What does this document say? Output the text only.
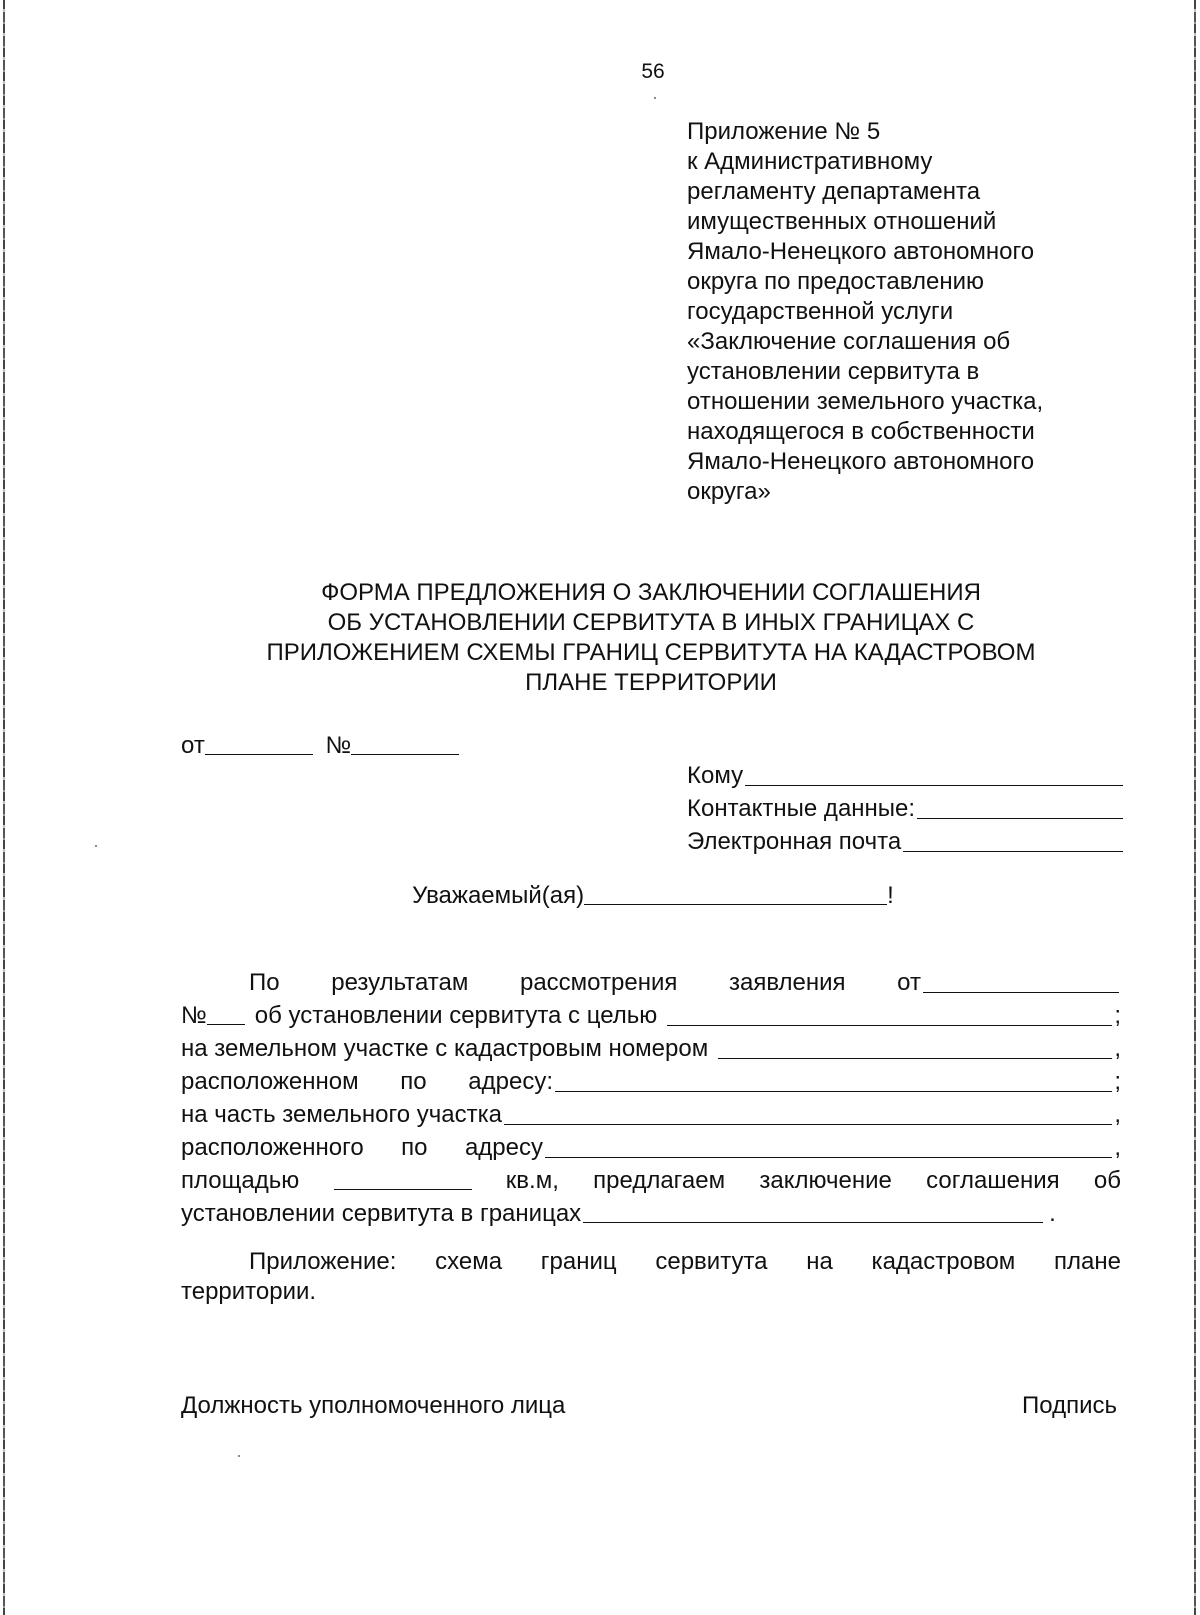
56
Приложение № 5
к Административному
регламенту департамента
имущественных отношений
Ямало-Ненецкого автономного
округа по предоставлению
государственной услуги
«Заключение соглашения об
установлении сервитута в
отношении земельного участка,
находящегося в собственности
Ямало-Ненецкого автономного
округа»
ФОРМА ПРЕДЛОЖЕНИЯ О ЗАКЛЮЧЕНИИ СОГЛАШЕНИЯ
ОБ УСТАНОВЛЕНИИ СЕРВИТУТА В ИНЫХ ГРАНИЦАХ С
ПРИЛОЖЕНИЕМ СХЕМЫ ГРАНИЦ СЕРВИТУТА НА КАДАСТРОВОМ
ПЛАНЕ ТЕРРИТОРИИ
от	№
Кому
Контактные данные:
Электронная почта
Уважаемый(ая)	!
По результатам рассмотрения заявления от
№ об установлении сервитута с целью	;
на земельном участке с кадастровым номером	,
расположенном по адресу:	;
на часть земельного участка	,
расположенного по адресу	,
площадью	кв.м, предлагаем заключение соглашения об
установлении сервитута в границах	.
Приложение: схема границ сервитута на кадастровом плане
территории.
Должность уполномоченного лица	Подпись
